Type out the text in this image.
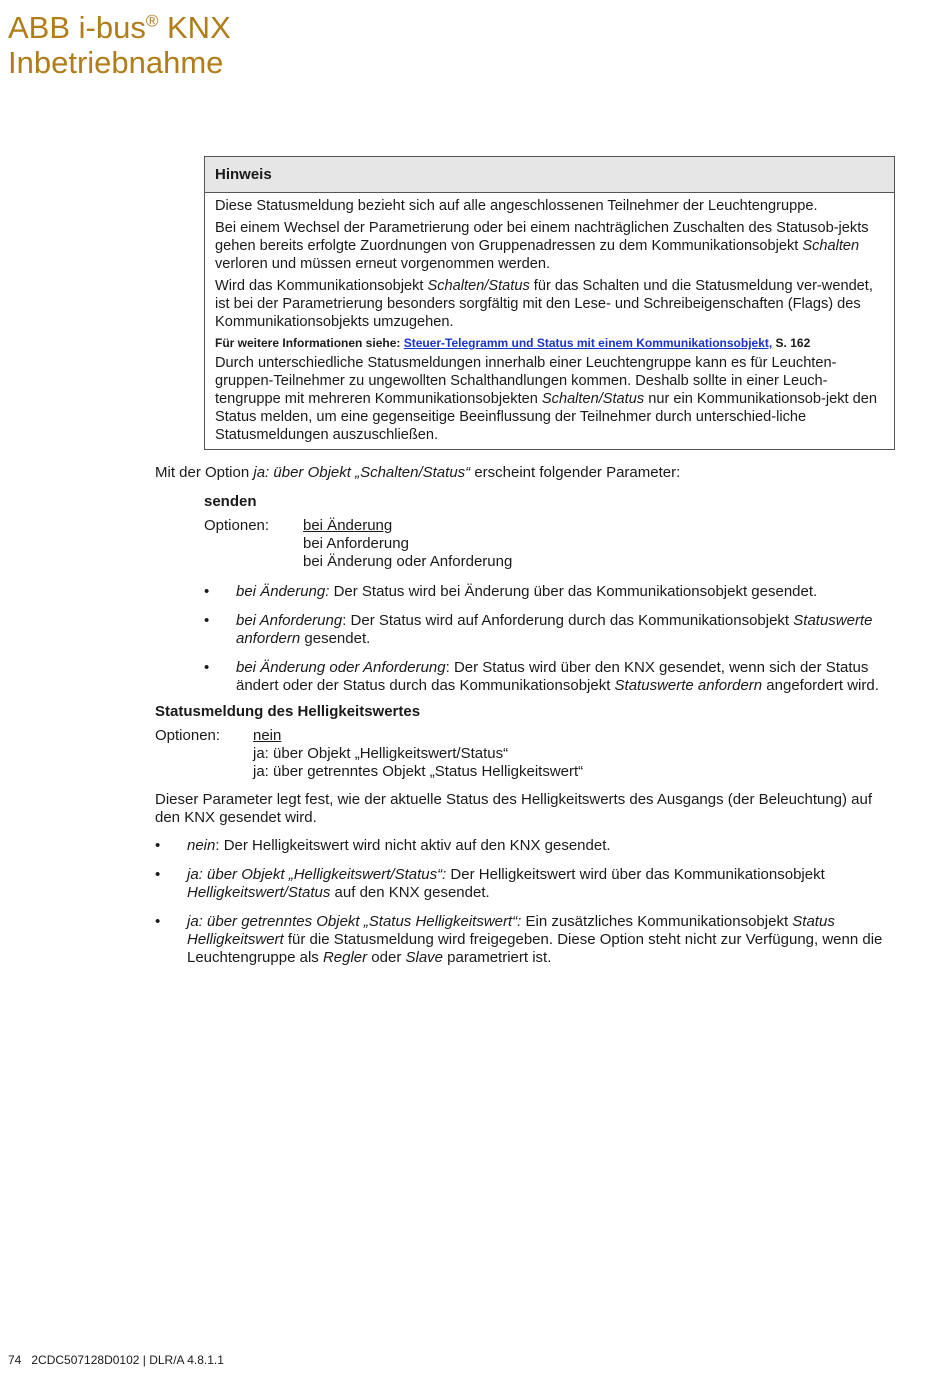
ABB i-bus® KNX
Inbetriebnahme
Hinweis

Diese Statusmeldung bezieht sich auf alle angeschlossenen Teilnehmer der Leuchtengruppe.

Bei einem Wechsel der Parametrierung oder bei einem nachträglichen Zuschalten des Statusob-jekts gehen bereits erfolgte Zuordnungen von Gruppenadressen zu dem Kommunikationsobjekt Schalten verloren und müssen erneut vorgenommen werden.

Wird das Kommunikationsobjekt Schalten/Status für das Schalten und die Statusmeldung ver-wendet, ist bei der Parametrierung besonders sorgfältig mit den Lese- und Schreibeigenschaften (Flags) des Kommunikationsobjekts umzugehen.

Für weitere Informationen siehe: Steuer-Telegramm und Status mit einem Kommunikationsobjekt, S. 162

Durch unterschiedliche Statusmeldungen innerhalb einer Leuchtengruppe kann es für Leuchten-gruppen-Teilnehmer zu ungewollten Schalthandlungen kommen. Deshalb sollte in einer Leuch-tengruppe mit mehreren Kommunikationsobjekten Schalten/Status nur ein Kommunikationsob-jekt den Status melden, um eine gegenseitige Beeinflussung der Teilnehmer durch unterschied-liche Statusmeldungen auszuschließen.

Mit der Option ja: über Objekt „Schalten/Status“ erscheint folgender Parameter:

senden
Optionen:	bei Änderung
bei Anforderung
bei Änderung oder Anforderung
• bei Änderung: Der Status wird bei Änderung über das Kommunikationsobjekt gesendet.
• bei Anforderung: Der Status wird auf Anforderung durch das Kommunikationsobjekt Statuswerte anfordern gesendet.
• bei Änderung oder Anforderung: Der Status wird über den KNX gesendet, wenn sich der Status ändert oder der Status durch das Kommunikationsobjekt Statuswerte anfordern angefordert wird.
Statusmeldung des Helligkeitswertes
Optionen:	nein
ja: über Objekt „Helligkeitswert/Status“
ja: über getrenntes Objekt „Status Helligkeitswert“

Dieser Parameter legt fest, wie der aktuelle Status des Helligkeitswerts des Ausgangs (der Beleuchtung) auf den KNX gesendet wird.

• nein: Der Helligkeitswert wird nicht aktiv auf den KNX gesendet.
• ja: über Objekt „Helligkeitswert/Status“: Der Helligkeitswert wird über das Kommunikationsobjekt Helligkeitswert/Status auf den KNX gesendet.
• ja: über getrenntes Objekt „Status Helligkeitswert“: Ein zusätzliches Kommunikationsobjekt Status Helligkeitswert für die Statusmeldung wird freigegeben. Diese Option steht nicht zur Verfügung, wenn die Leuchtengruppe als Regler oder Slave parametriert ist.
74   2CDC507128D0102 | DLR/A 4.8.1.1
